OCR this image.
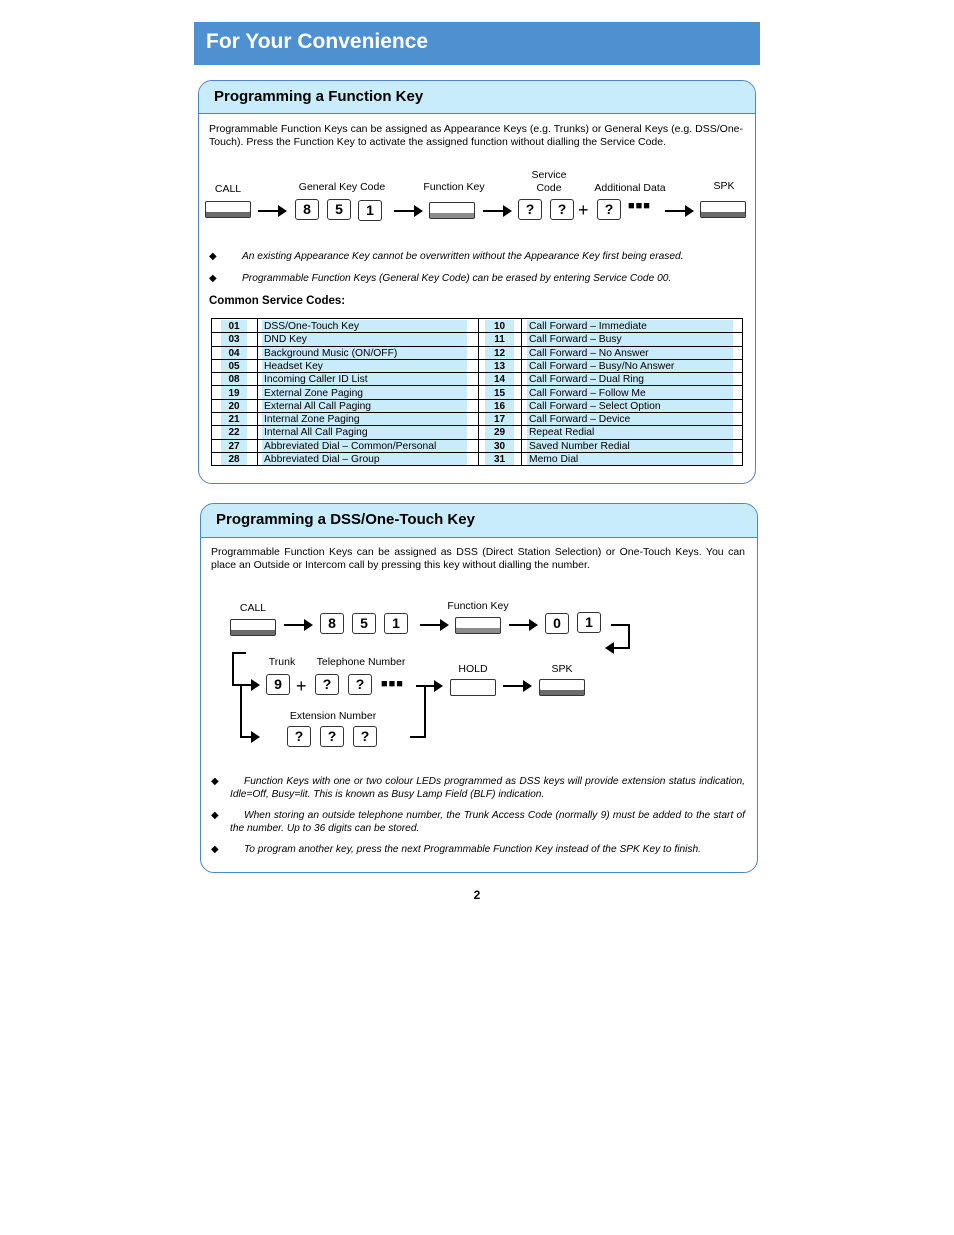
For Your Convenience
Programming a Function Key
Programmable Function Keys can be assigned as Appearance Keys (e.g. Trunks) or General Keys (e.g. DSS/One-Touch). Press the Function Key to activate the assigned function without dialling the Service Code.
CALL	General Key Code	Function Key
Service
Code	Additional Data	SPK
8	5	1	?	? +	?	■■■
◆ An existing Appearance Key cannot be overwritten without the Appearance Key first being erased.
◆ Programmable Function Keys (General Key Code) can be erased by entering Service Code 00.
Common Service Codes:
01	DSS/One-Touch Key	10	Call Forward – Immediate
03	DND Key	11	Call Forward – Busy
04	Background Music (ON/OFF)	12	Call Forward – No Answer
05	Headset Key	13	Call Forward – Busy/No Answer
08	Incoming Caller ID List	14	Call Forward – Dual Ring
19	External Zone Paging	15	Call Forward – Follow Me
20	External All Call Paging	16	Call Forward – Select Option
21	Internal Zone Paging	17	Call Forward – Device
22	Internal All Call Paging	29	Repeat Redial
27	Abbreviated Dial – Common/Personal	30	Saved Number Redial
28	Abbreviated Dial – Group	31	Memo Dial
Programming a DSS/One-Touch Key
Programmable Function Keys can be assigned as DSS (Direct Station Selection) or One-Touch Keys. You can place an Outside or Intercom call by pressing this key without dialling the number.
CALL	Function Key
8	5	1	0	1
Trunk	Telephone Number
HOLD	SPK
9 +	?	?	■■■
Extension Number
?	?	?
◆	Function Keys with one or two colour LEDs programmed as DSS keys will provide extension status indication, Idle=Off, Busy=lit. This is known as Busy Lamp Field (BLF) indication.
◆	When storing an outside telephone number, the Trunk Access Code (normally 9) must be added to the start of the number. Up to 36 digits can be stored.
◆	To program another key, press the next Programmable Function Key instead of the SPK Key to finish.
2
